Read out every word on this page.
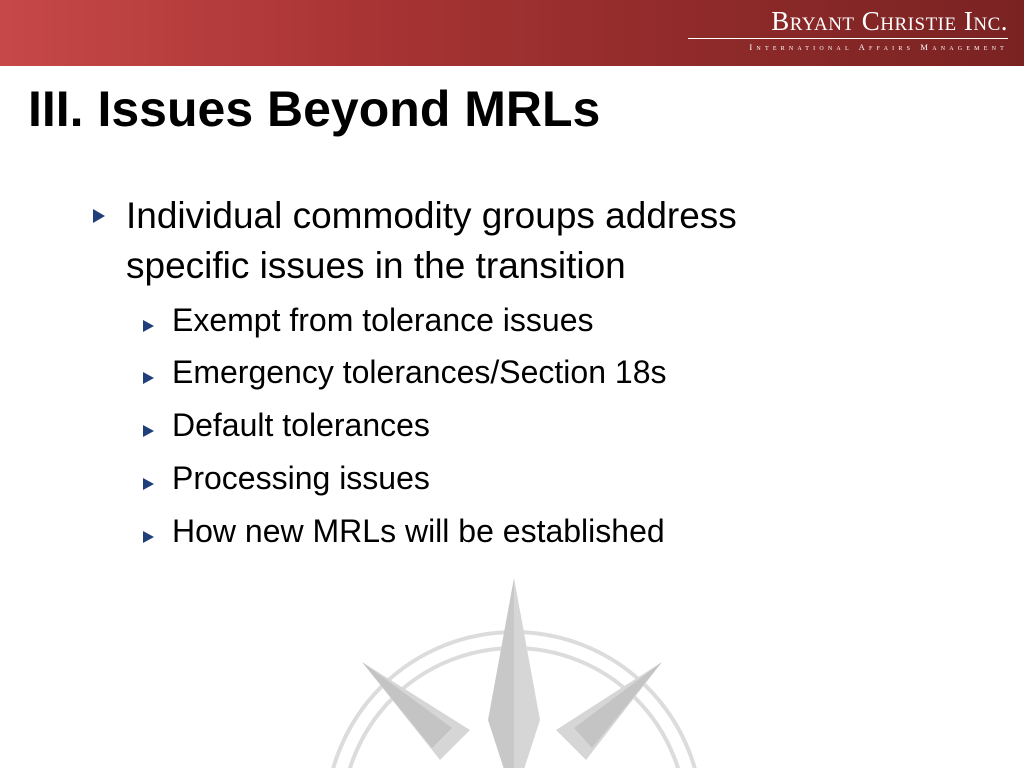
Bryant Christie Inc.
International Affairs Management
III. Issues Beyond MRLs
Individual commodity groups address specific issues in the transition
Exempt from tolerance issues
Emergency tolerances/Section 18s
Default tolerances
Processing issues
How new MRLs will be established
